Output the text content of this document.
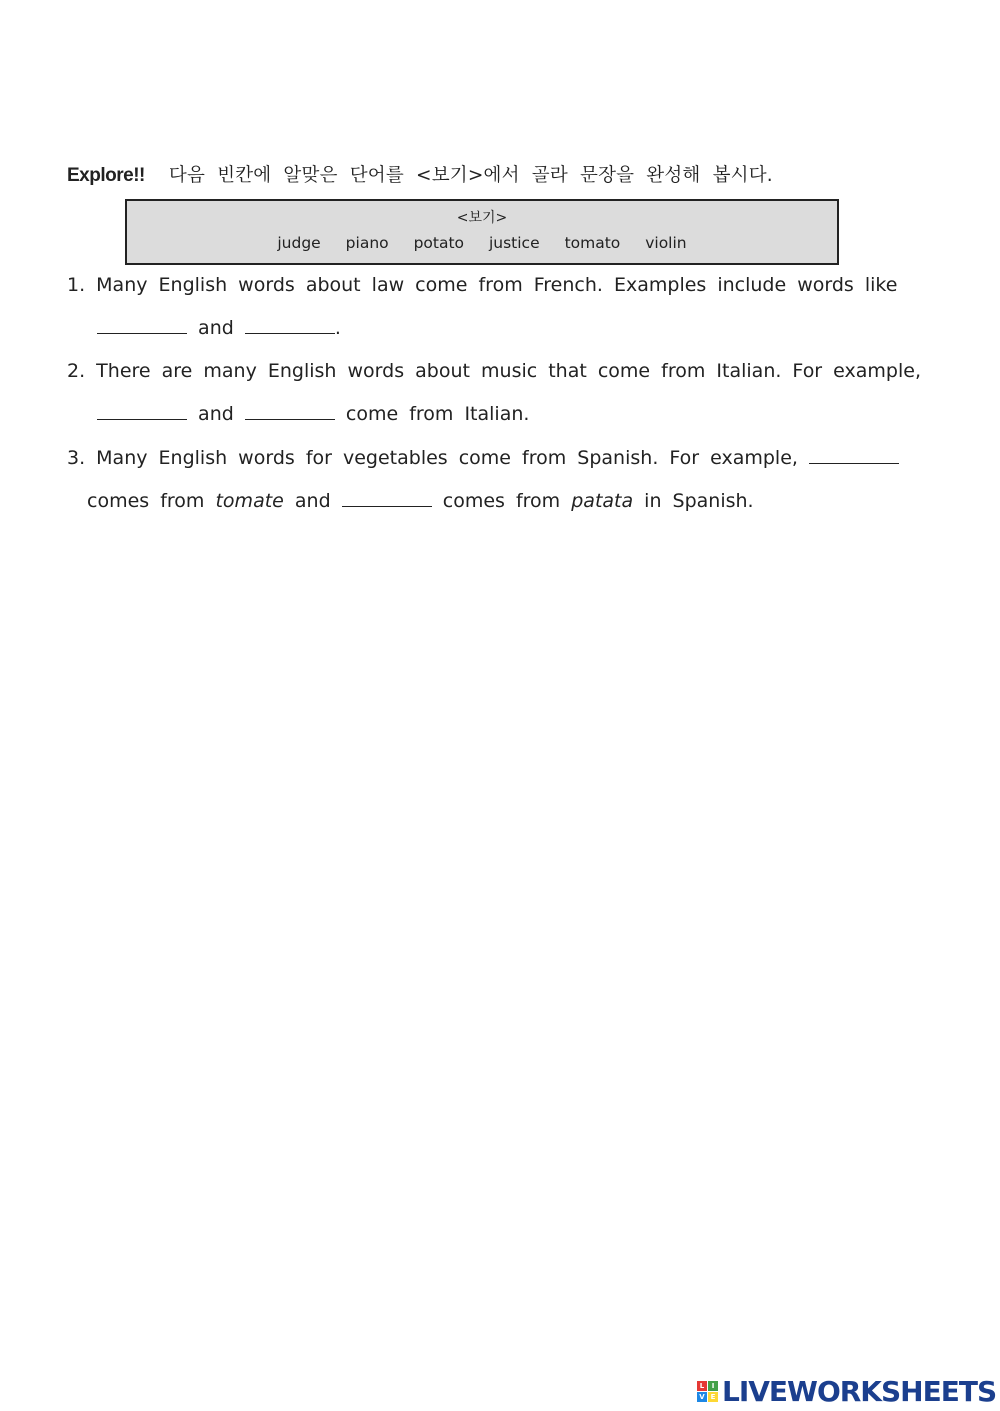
Explore!! 다음 빈칸에 알맞은 단어를 <보기>에서 골라 문장을 완성해 봅시다.
<보기>
judge piano potato justice tomato violin
1. Many English words about law come from French. Examples include words like
and	.
2. There are many English words about music that come from Italian. For example,
and	come from Italian.
3. Many English words for vegetables come from Spanish. For example,
comes from tomate and	comes from patata in Spanish.
L	I
V E LIVEWORKSHEETS
